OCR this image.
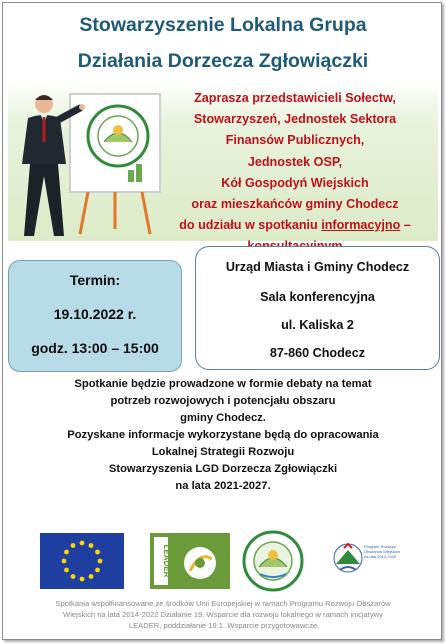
Stowarzyszenie Lokalna Grupa
Działania Dorzecza Zgłowiączki
Zaprasza przedstawicieli Sołectw,
Stowarzyszeń, Jednostek Sektora
Finansów Publicznych,
Jednostek OSP,
Kół Gospodyń Wiejskich
oraz mieszkańców gminy Chodecz
do udziału w spotkaniu informacyjno –
Termin:
19.10.2022 r.
godz. 13:00 – 15:00
Urząd Miasta i Gminy Chodecz
Sala konferencyjna
ul. Kaliska 2
87-860 Chodecz
Spotkanie będzie prowadzone w formie debaty na temat
potrzeb rozwojowych i potencjału obszaru
gminy Chodecz.
Pozyskane informacje wykorzystane będą do opracowania
Lokalnej Strategii Rozwoju
Stowarzyszenia LGD Dorzecza Zgłowiączki
na lata 2021-2027.
LEADER	Program Rozwoju Obszarów Wiejskich na lata 2014-2020
Spotkania współfinansowane ze środków Unii Europejskiej w ramach Programu Rozwoju Obszarów
Wiejskich na lata 2014-2022 Działanie 19. Wsparcie dla rozwoju lokalnego w ramach inicjatywy
LEADER, poddziałanie 19.1. Wsparcie przygotowawcze
